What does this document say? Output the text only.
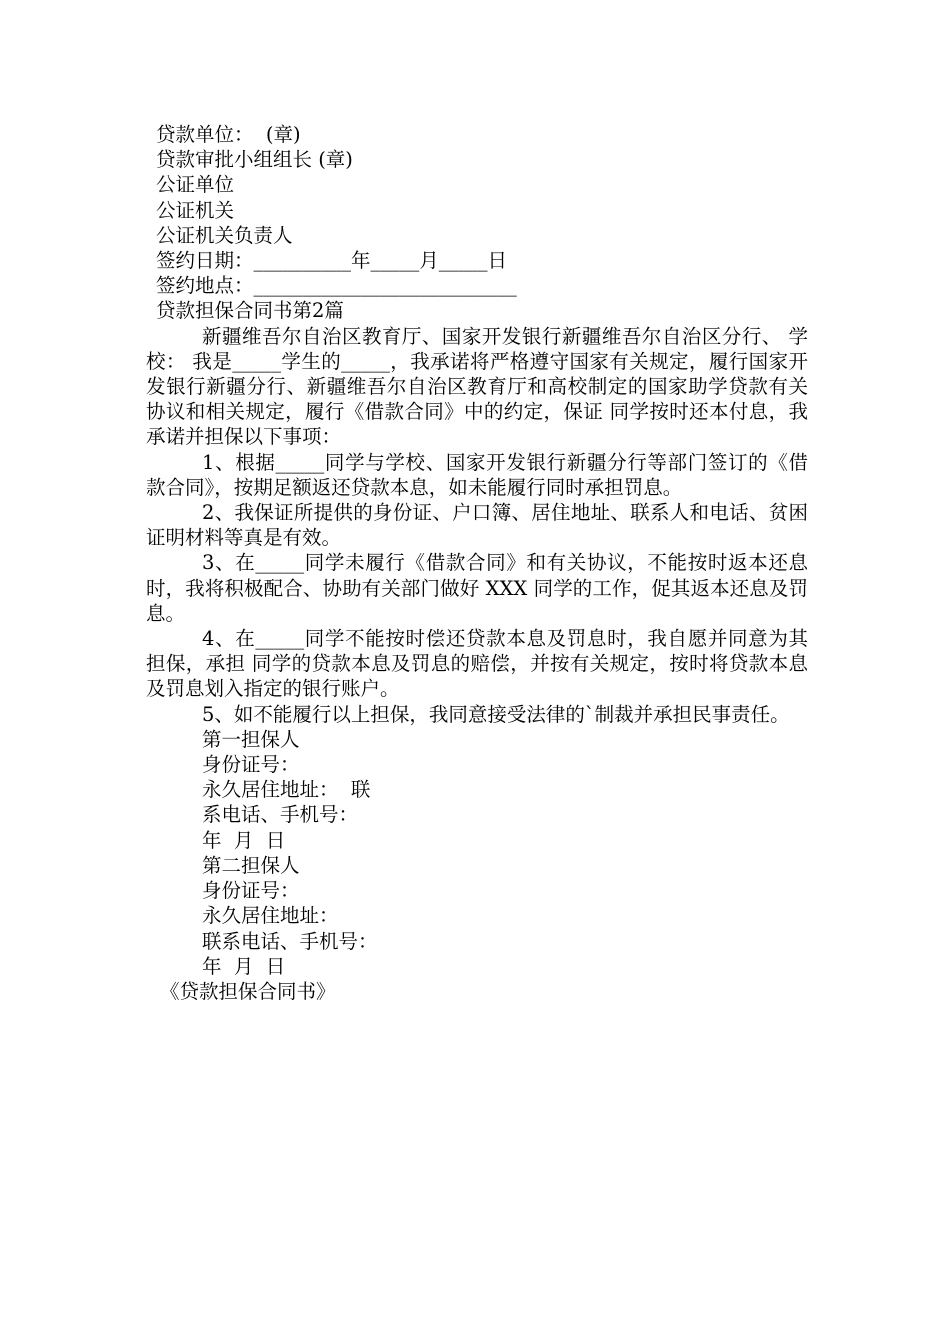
贷款单位：  (章)
贷款审批小组组长 (章)
公证单位
公证机关
公证机关负责人
签约日期：__________年_____月_____日
签约地点：___________________________
贷款担保合同书第2篇

新疆维吾尔自治区教育厅、国家开发银行新疆维吾尔自治区分行、 学校： 我是_____学生的_____，我承诺将严格遵守国家有关规定，履行国家开发银行新疆分行、新疆维吾尔自治区教育厅和高校制定的国家助学贷款有关协议和相关规定，履行《借款合同》中的约定，保证 同学按时还本付息，我承诺并担保以下事项：

1、根据_____同学与学校、国家开发银行新疆分行等部门签订的《借款合同》，按期足额返还贷款本息，如未能履行同时承担罚息。

2、我保证所提供的身份证、户口簿、居住地址、联系人和电话、贫困证明材料等真是有效。

3、在_____同学未履行《借款合同》和有关协议，不能按时返本还息时，我将积极配合、协助有关部门做好 XXX 同学的工作，促其返本还息及罚息。

4、在_____同学不能按时偿还贷款本息及罚息时，我自愿并同意为其担保，承担 同学的贷款本息及罚息的赔偿，并按有关规定，按时将贷款本息及罚息划入指定的银行账户。

5、如不能履行以上担保，我同意接受法律的`制裁并承担民事责任。

第一担保人
身份证号：
永久居住地址：  联
系电话、手机号：
年  月  日
第二担保人
身份证号：
永久居住地址：
联系电话、手机号：
年  月  日
《贷款担保合同书》
